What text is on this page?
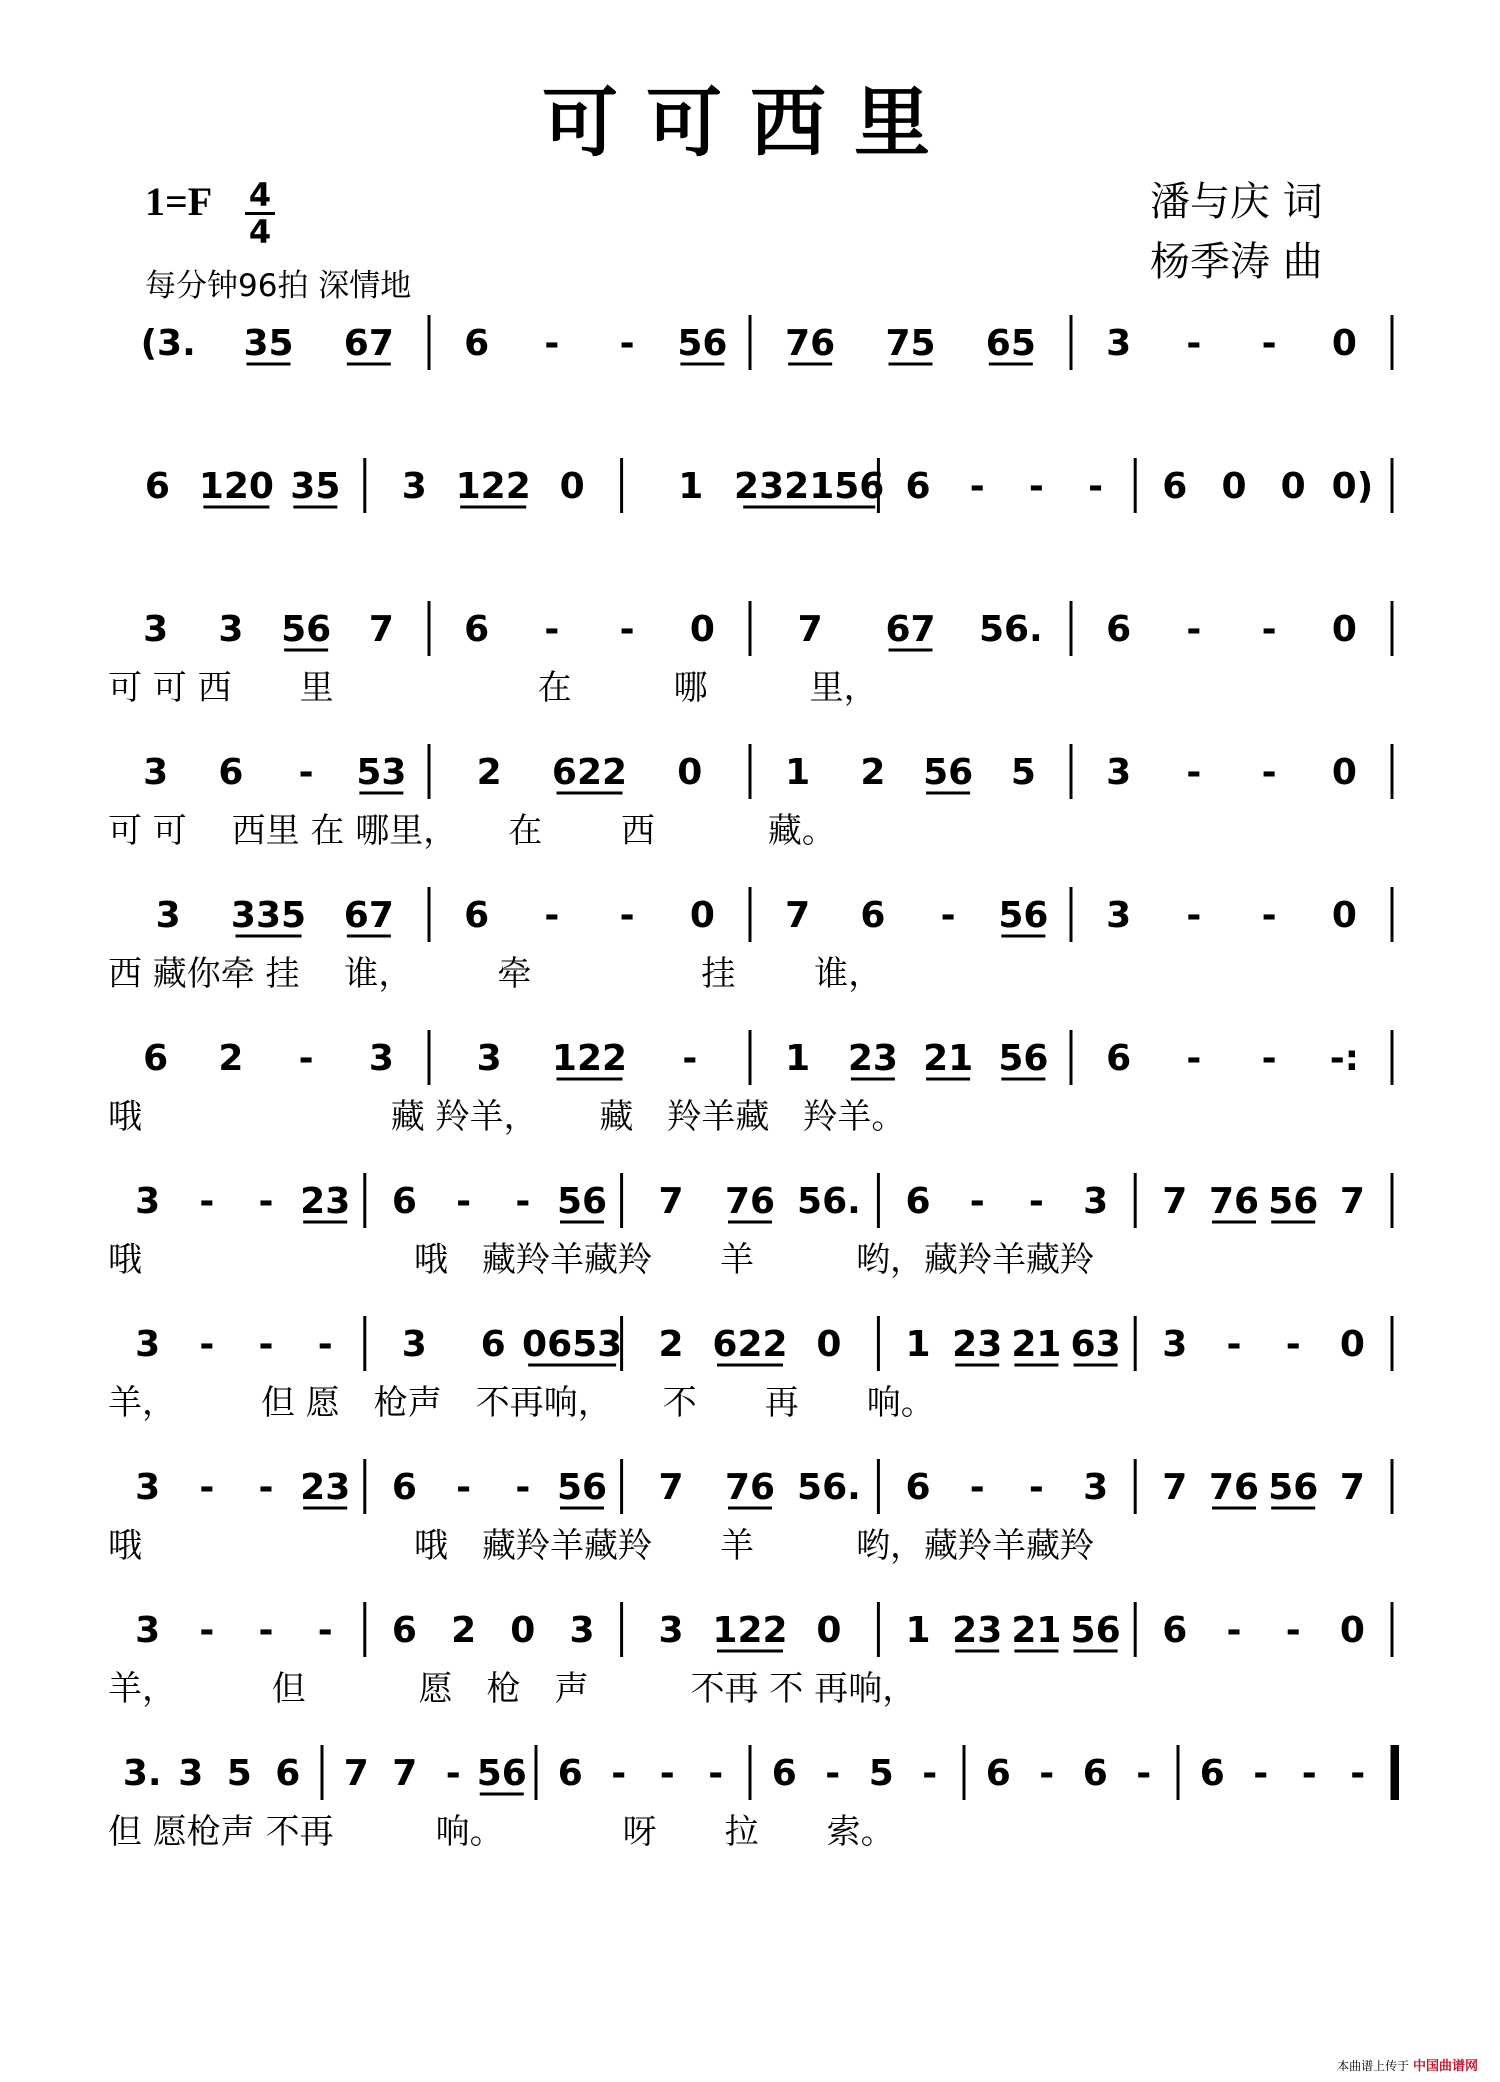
可可西里
1=F 4
4
每分钟96拍 深情地
潘与庆 词
杨季涛 曲
(3. 35 67 6 - - 56 76 75 65 3 - - 0
6 120 35 3 122 0	1 232156 6 - - - 6 0 0 0)
3 3 56 7 6 - - 0 7 67 56. 6 - - 0
可 可 西　　里　　　　　　在　　　哪　　　里，
3 6 - 53 2 622 0 1 2 56 5 3 - - 0
可 可　 西里 在 哪里，　　在　　 西　　　 藏。
3 335 67 6 - - 0 7 6 - 56 3 - - 0
西 藏你牵 挂　 谁，　　　牵　　　　　挂　　 谁，
6 2 - 3 3 122 - 1 23 21 56 6 - - -:
哦　　　　　　　 藏 羚羊，　　 藏　羚羊藏　羚羊。
3 - - 23 6 - - 56 7 76 56. 6 - - 3 7 76 56 7
哦　　　　　　　　哦　藏羚羊藏羚　　羊　　　哟，藏羚羊藏羚
3 - - - 3 6 0653 2 622 0 1 23 21 63 3 - - 0
羊，　　　但 愿　枪声　不再响，　　不　　再　　响。
3 - - 23 6 - - 56 7 76 56. 6 - - 3 7 76 56 7
哦　　　　　　　　哦　藏羚羊藏羚　　羊　　　哟，藏羚羊藏羚
3 - - - 6 2 0 3 3 122 0 1 23 21 56 6 - - 0
羊，　　　 但　　　 愿　枪　声　　　不再 不 再响，
3. 3 5 6 7 7 - 56 6 - - - 6 - 5 - 6 - 6 - 6 - - -
但 愿枪声 不再　　　响。　　　　呀　　拉　　索。
本曲谱上传于 中国曲谱网
